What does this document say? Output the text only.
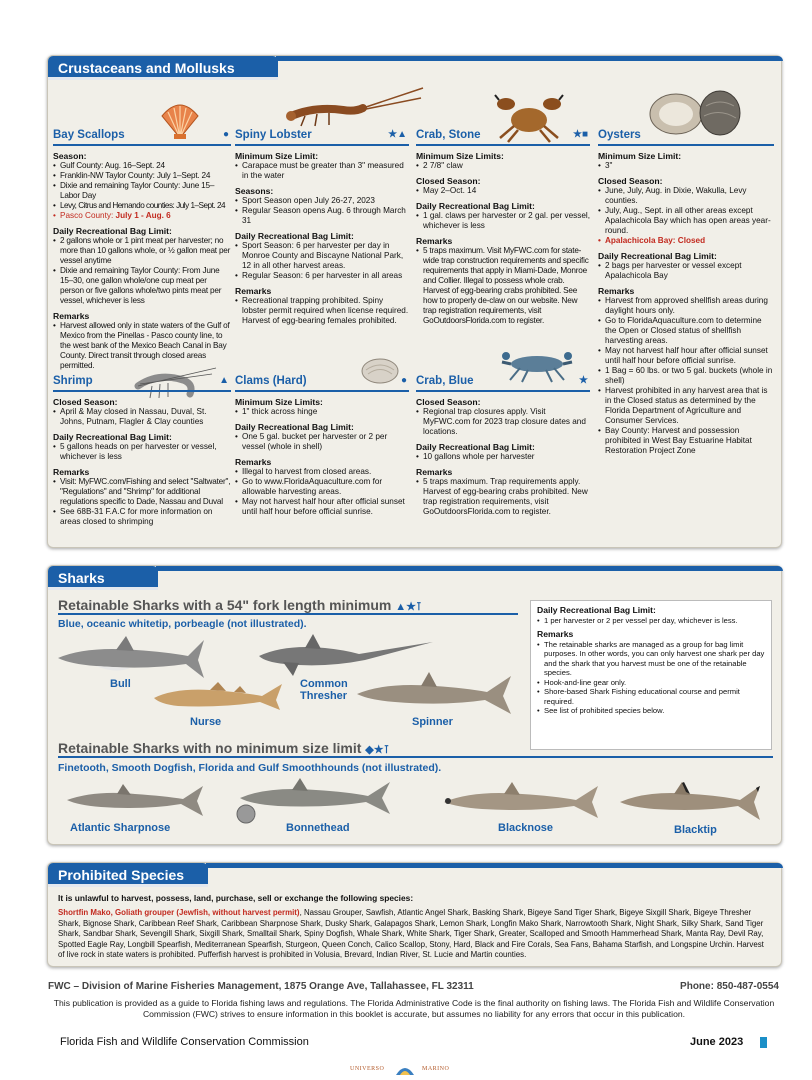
Crustaceans and Mollusks
Bay Scallops	●
Season:
• Gulf County: Aug. 16–Sept. 24
• Franklin-NW Taylor County: July 1–Sept. 24
• Dixie and remaining Taylor County: June 15–Labor Day
• Levy, Citrus and Hernando counties: July 1–Sept. 24
• Pasco County: July 1 - Aug. 6
Daily Recreational Bag Limit:
• 2 gallons whole or 1 pint meat per harvester; no more than 10 gallons whole, or ½ gallon meat per vessel anytime
• Dixie and remaining Taylor County: From June 15–30, one gallon whole/one cup meat per person or five gallons whole/two pints meat per vessel, whichever is less
Remarks
• Harvest allowed only in state waters of the Gulf of Mexico from the Pinellas - Pasco county line, to the west bank of the Mexico Beach Canal in Bay County. Direct transit through closed areas permitted.
Spiny Lobster	★▲
Minimum Size Limit:
• Carapace must be greater than 3" measured in the water
Seasons:
• Sport Season open July 26-27, 2023
• Regular Season opens Aug. 6 through March 31
Daily Recreational Bag Limit:
• Sport Season: 6 per harvester per day in Monroe County and Biscayne National Park, 12 in all other harvest areas.
• Regular Season: 6 per harvester in all areas
Remarks
• Recreational trapping prohibited. Spiny lobster permit required when license required. Harvest of egg-bearing females prohibited.
Crab, Stone	★■
Minimum Size Limits:
• 2 7/8" claw
Closed Season:
• May 2–Oct. 14
Daily Recreational Bag Limit:
• 1 gal. claws per harvester or 2 gal. per vessel, whichever is less
Remarks
• 5 traps maximum. Visit MyFWC.com for state-wide trap construction requirements and specific requirements that apply in Miami-Dade, Monroe and Collier. Illegal to possess whole crab. Harvest of egg-bearing crabs prohibited. See how to properly de-claw on our website. New trap registration requirements, visit GoOutdoorsFlorida.com to register.
Oysters
Minimum Size Limit:
• 3"
Closed Season:
• June, July, Aug. in Dixie, Wakulla, Levy counties.
• July, Aug., Sept. in all other areas except Apalachicola Bay which has open areas year-round.
• Apalachicola Bay: Closed
Daily Recreational Bag Limit:
• 2 bags per harvester or vessel except Apalachicola Bay
Remarks
• Harvest from approved shellfish areas during daylight hours only.
• Go to FloridaAquaculture.com to determine the Open or Closed status of shellfish harvesting areas.
• May not harvest half hour after official sunset until half hour before official sunrise.
• 1 Bag = 60 lbs. or two 5 gal. buckets (whole in shell)
• Harvest prohibited in any harvest area that is in the Closed status as determined by the Florida Department of Agriculture and Consumer Services.
• Bay County: Harvest and possession prohibited in West Bay Estuarine Habitat Restoration Project Zone
Shrimp	▲
Closed Season:
• April & May closed in Nassau, Duval, St. Johns, Putnam, Flagler & Clay counties
Daily Recreational Bag Limit:
• 5 gallons heads on per harvester or vessel, whichever is less
Remarks
• Visit: MyFWC.com/Fishing and select "Saltwater", "Regulations" and "Shrimp" for additional regulations specific to Dade, Nassau and Duval
• See 68B-31 F.A.C for more information on areas closed to shrimping
Clams (Hard)	●
Minimum Size Limits:
• 1" thick across hinge
Daily Recreational Bag Limit:
• One 5 gal. bucket per harvester or 2 per vessel (whole in shell)
Remarks
• Illegal to harvest from closed areas.
• Go to www.FloridaAquaculture.com for allowable harvesting areas.
• May not harvest half hour after official sunset until half hour before official sunrise.
Crab, Blue	★
Closed Season:
• Regional trap closures apply. Visit MyFWC.com for 2023 trap closure dates and locations.
Daily Recreational Bag Limit:
• 10 gallons whole per harvester
Remarks
• 5 traps maximum. Trap requirements apply. Harvest of egg-bearing crabs prohibited. New trap registration requirements, visit GoOutdoorsFlorida.com to register.
Sharks
Retainable Sharks with a 54" fork length minimum ▲★⊺
Blue, oceanic whitetip, porbeagle (not illustrated).
Bull	Common Thresher
Nurse	Spinner
Daily Recreational Bag Limit:
• 1 per harvester or 2 per vessel per day, whichever is less.
Remarks
• The retainable sharks are managed as a group for bag limit purposes. In other words, you can only harvest one shark per day and the shark that you harvest must be one of the retainable species.
• Hook-and-line gear only.
• Shore-based Shark Fishing educational course and permit required.
• See list of prohibited species below.
Retainable Sharks with no minimum size limit ◆★⊺
Finetooth, Smooth Dogfish, Florida and Gulf Smoothhounds (not illustrated).
Atlantic Sharpnose	Bonnethead	Blacknose	Blacktip
Prohibited Species
It is unlawful to harvest, possess, land, purchase, sell or exchange the following species:
Shortfin Mako, Goliath grouper (Jewfish, without harvest permit), Nassau Grouper, Sawfish, Atlantic Angel Shark, Basking Shark, Bigeye Sand Tiger Shark, Bigeye Sixgill Shark, Bigeye Thresher Shark, Bignose Shark, Caribbean Reef Shark, Caribbean Sharpnose Shark, Dusky Shark, Galapagos Shark, Lemon Shark, Longfin Mako Shark, Narrowtooth Shark, Night Shark, Silky Shark, Sand Tiger Shark, Sandbar Shark, Sevengill Shark, Sixgill Shark, Smalltail Shark, Spiny Dogfish, Whale Shark, White Shark, Tiger Shark, Greater, Scalloped and Smooth Hammerhead Shark, Manta Ray, Devil Ray, Spotted Eagle Ray, Longbill Spearfish, Mediterranean Spearfish, Sturgeon, Queen Conch, Calico Scallop, Stony, Hard, Black and Fire Corals, Sea Fans, Bahama Starfish, and Longspine Urchin. Harvest of live rock in state waters is prohibited. Pufferfish harvest is prohibited in Volusia, Brevard, Indian River, St. Lucie and Martin counties.
FWC – Division of Marine Fisheries Management, 1875 Orange Ave, Tallahassee, FL 32311	Phone: 850-487-0554
This publication is provided as a guide to Florida fishing laws and regulations. The Florida Administrative Code is the final authority on fishing laws. The Florida Fish and Wildlife Conservation Commission (FWC) strives to ensure information in this booklet is accurate, but assumes no liability for any errors that occur in this publication.
Florida Fish and Wildlife Conservation Commission	June 2023
UNIVERSO	MARINO
